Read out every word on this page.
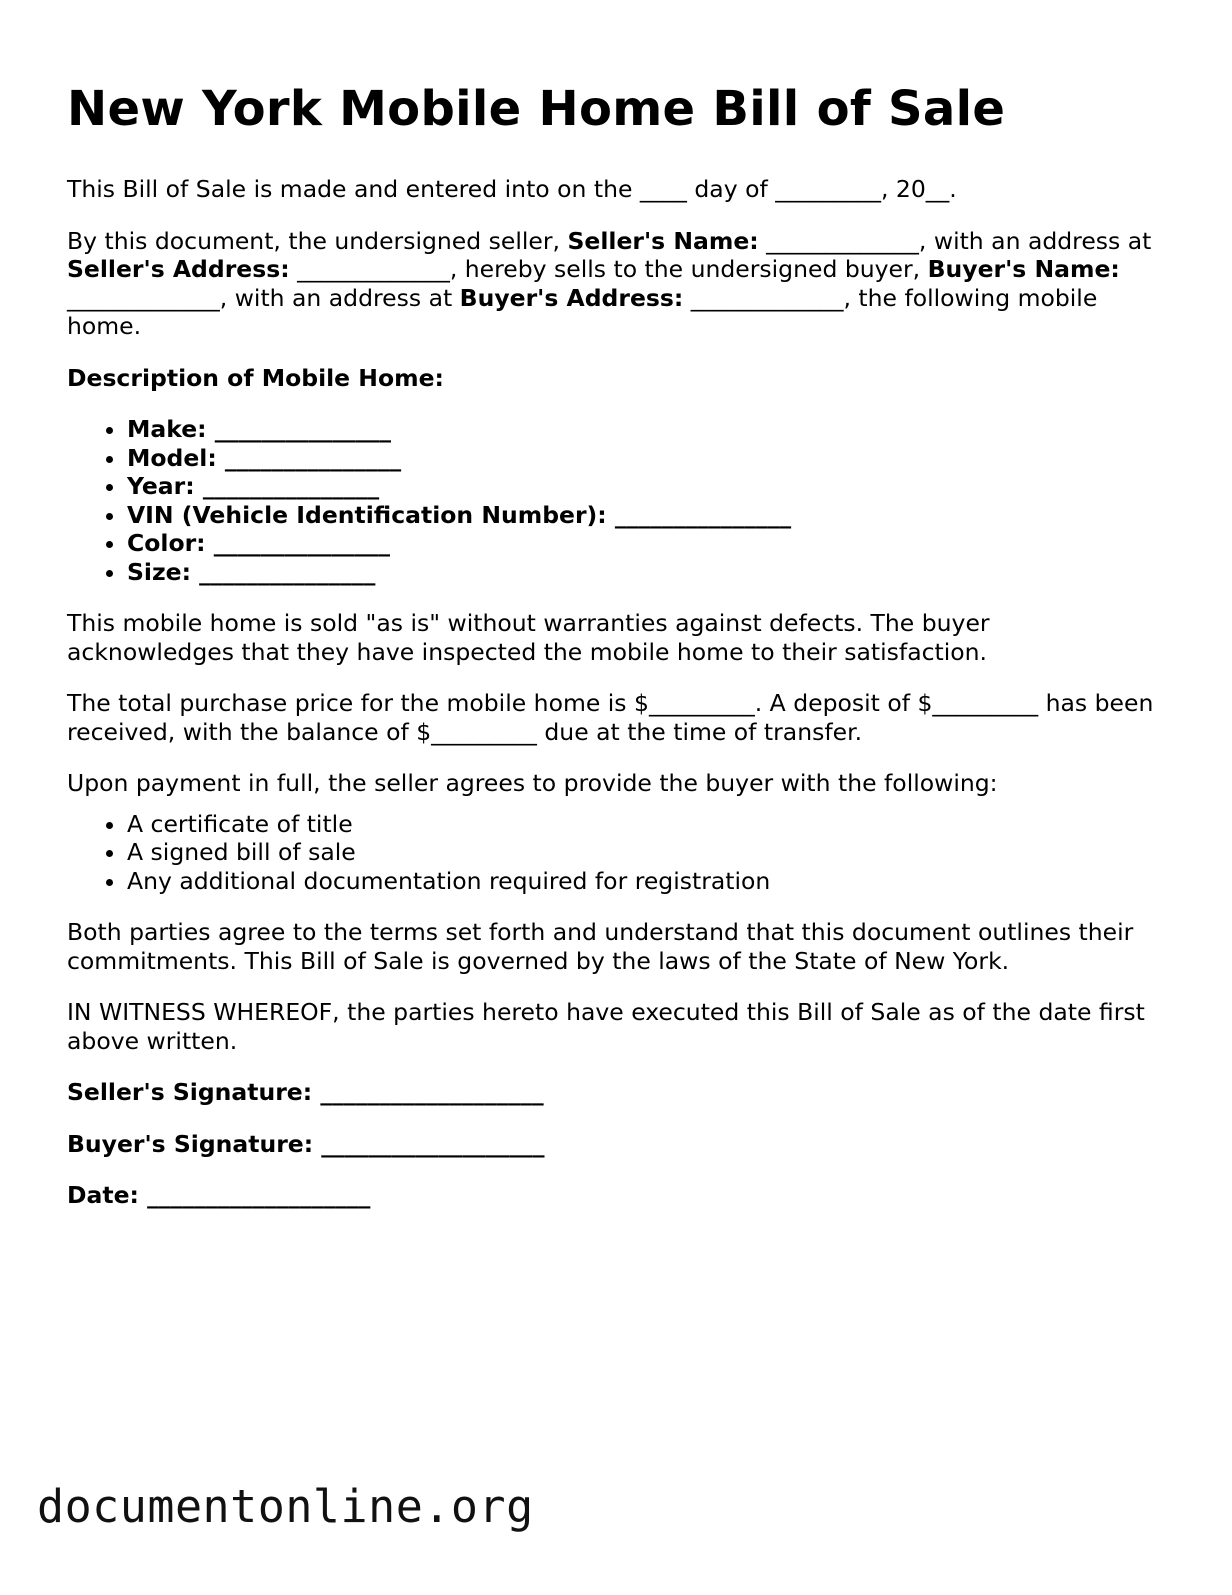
New York Mobile Home Bill of Sale

This Bill of Sale is made and entered into on the ____ day of _________, 20__.

By this document, the undersigned seller, Seller's Name: _____________, with an address at Seller's Address: _____________, hereby sells to the undersigned buyer, Buyer's Name: _____________, with an address at Buyer's Address: _____________, the following mobile home.

Description of Mobile Home:

• Make: _______________
• Model: _______________
• Year: _______________
• VIN (Vehicle Identification Number): _______________
• Color: _______________
• Size: _______________

This mobile home is sold "as is" without warranties against defects. The buyer acknowledges that they have inspected the mobile home to their satisfaction.

The total purchase price for the mobile home is $_________. A deposit of $_________ has been received, with the balance of $_________ due at the time of transfer.

Upon payment in full, the seller agrees to provide the buyer with the following:

• A certificate of title
• A signed bill of sale
• Any additional documentation required for registration

Both parties agree to the terms set forth and understand that this document outlines their commitments. This Bill of Sale is governed by the laws of the State of New York.

IN WITNESS WHEREOF, the parties hereto have executed this Bill of Sale as of the date first above written.

Seller's Signature: ___________________
Buyer's Signature: ___________________
Date: ___________________
documentonline.org
